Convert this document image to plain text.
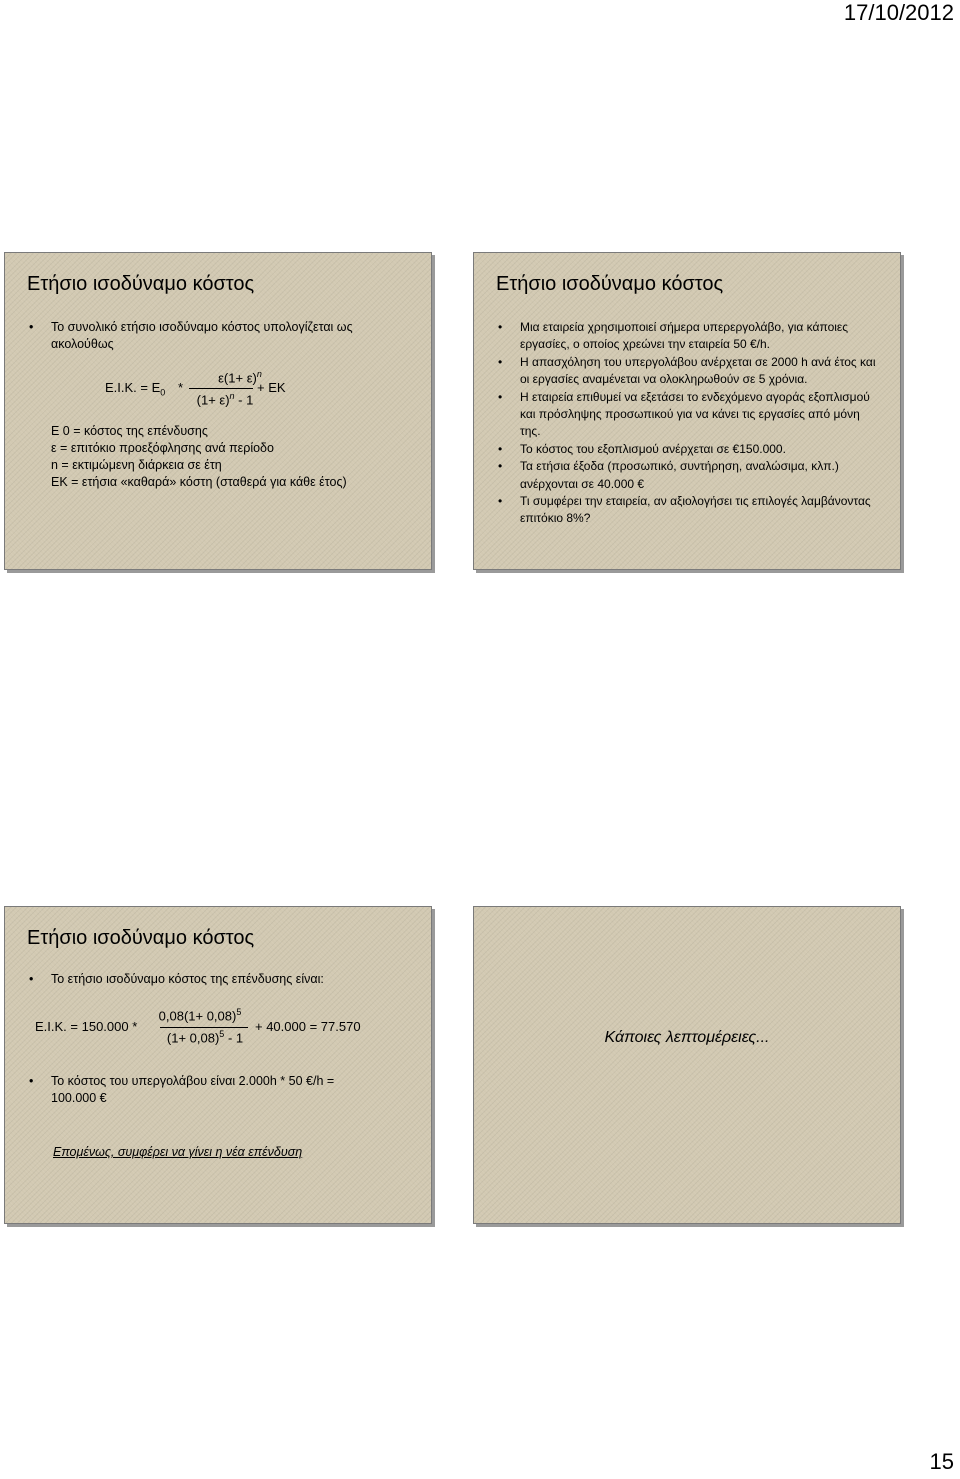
17/10/2012
Ετήσιο ισοδύναμο κόστος
• Το συνολικό ετήσιο ισοδύναμο κόστος υπολογίζεται ως ακολούθως
E.I.K. = $E_0$ *
$\varepsilon(1+ \varepsilon)^n$
$(1+ \varepsilon)^n - 1$
+ EK
E 0 = κόστος της επένδυσης
ε = επιτόκιο προεξόφλησης ανά περίοδο
n = εκτιμώμενη διάρκεια σε έτη
ΕΚ = ετήσια «καθαρά» κόστη (σταθερά για κάθε έτος)
Ετήσιο ισοδύναμο κόστος
• Μια εταιρεία χρησιμοποιεί σήμερα υπερεργολάβο, για κάποιες εργασίες, ο οποίος χρεώνει την εταιρεία 50 €/h.
• Η απασχόληση του υπεργολάβου ανέρχεται σε 2000 h ανά έτος και οι εργασίες αναμένεται να ολοκληρωθούν σε 5 χρόνια.
• Η εταιρεία επιθυμεί να εξετάσει το ενδεχόμενο αγοράς εξοπλισμού και πρόσληψης προσωπικού για να κάνει τις εργασίες από μόνη της.
• Το κόστος του εξοπλισμού ανέρχεται σε €150.000.
• Τα ετήσια έξοδα (προσωπικό, συντήρηση, αναλώσιμα, κλπ.) ανέρχονται σε 40.000 €
• Τι συμφέρει την εταιρεία, αν αξιολογήσει τις επιλογές λαμβάνοντας επιτόκιο 8%?
Ετήσιο ισοδύναμο κόστος
• Το ετήσιο ισοδύναμο κόστος της επένδυσης είναι:
E.I.K. = 150.000 *
$0,08(1+ 0,08)^5$
$(1+ 0,08)^5 - 1$
+ 40.000 = 77.570
• Το κόστος του υπεργολάβου είναι 2.000h * 50 €/h = 100.000 €
Επομένως, συμφέρει να γίνει η νέα επένδυση
Κάποιες λεπτομέρειες...
15
